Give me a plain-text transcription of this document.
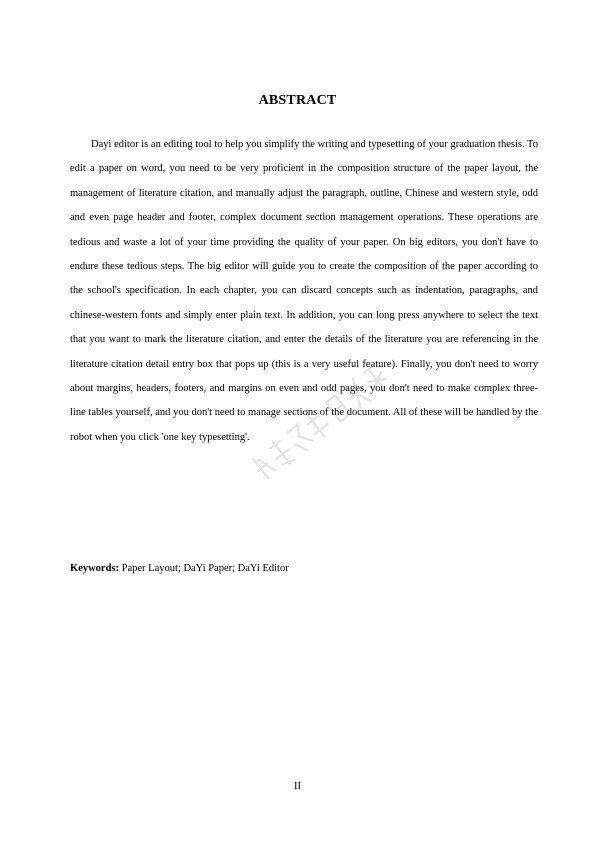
ABSTRACT

Dayi editor is an editing tool to help you simplify the writing and typesetting of your graduation thesis. To edit a paper on word, you need to be very proficient in the composition structure of the paper layout, the management of literature citation, and manually adjust the paragraph, outline, Chinese and western style, odd and even page header and footer, complex document section management operations. These operations are tedious and waste a lot of your time providing the quality of your paper. On big editors, you don't have to endure these tedious steps. The big editor will guide you to create the composition of the paper according to the school's specification. In each chapter, you can discard concepts such as indentation, paragraphs, and chinese-western fonts and simply enter plain text. In addition, you can long press anywhere to select the text that you want to mark the literature citation, and enter the details of the literature you are referencing in the literature citation detail entry box that pops up (this is a very useful feature). Finally, you don't need to worry about margins, headers, footers, and margins on even and odd pages, you don't need to make complex three-line tables yourself, and you don't need to manage sections of the document. All of these will be handled by the robot when you click 'one key typesetting'.

Keywords: Paper Layout; DaYi Paper; DaYi Editor
II
